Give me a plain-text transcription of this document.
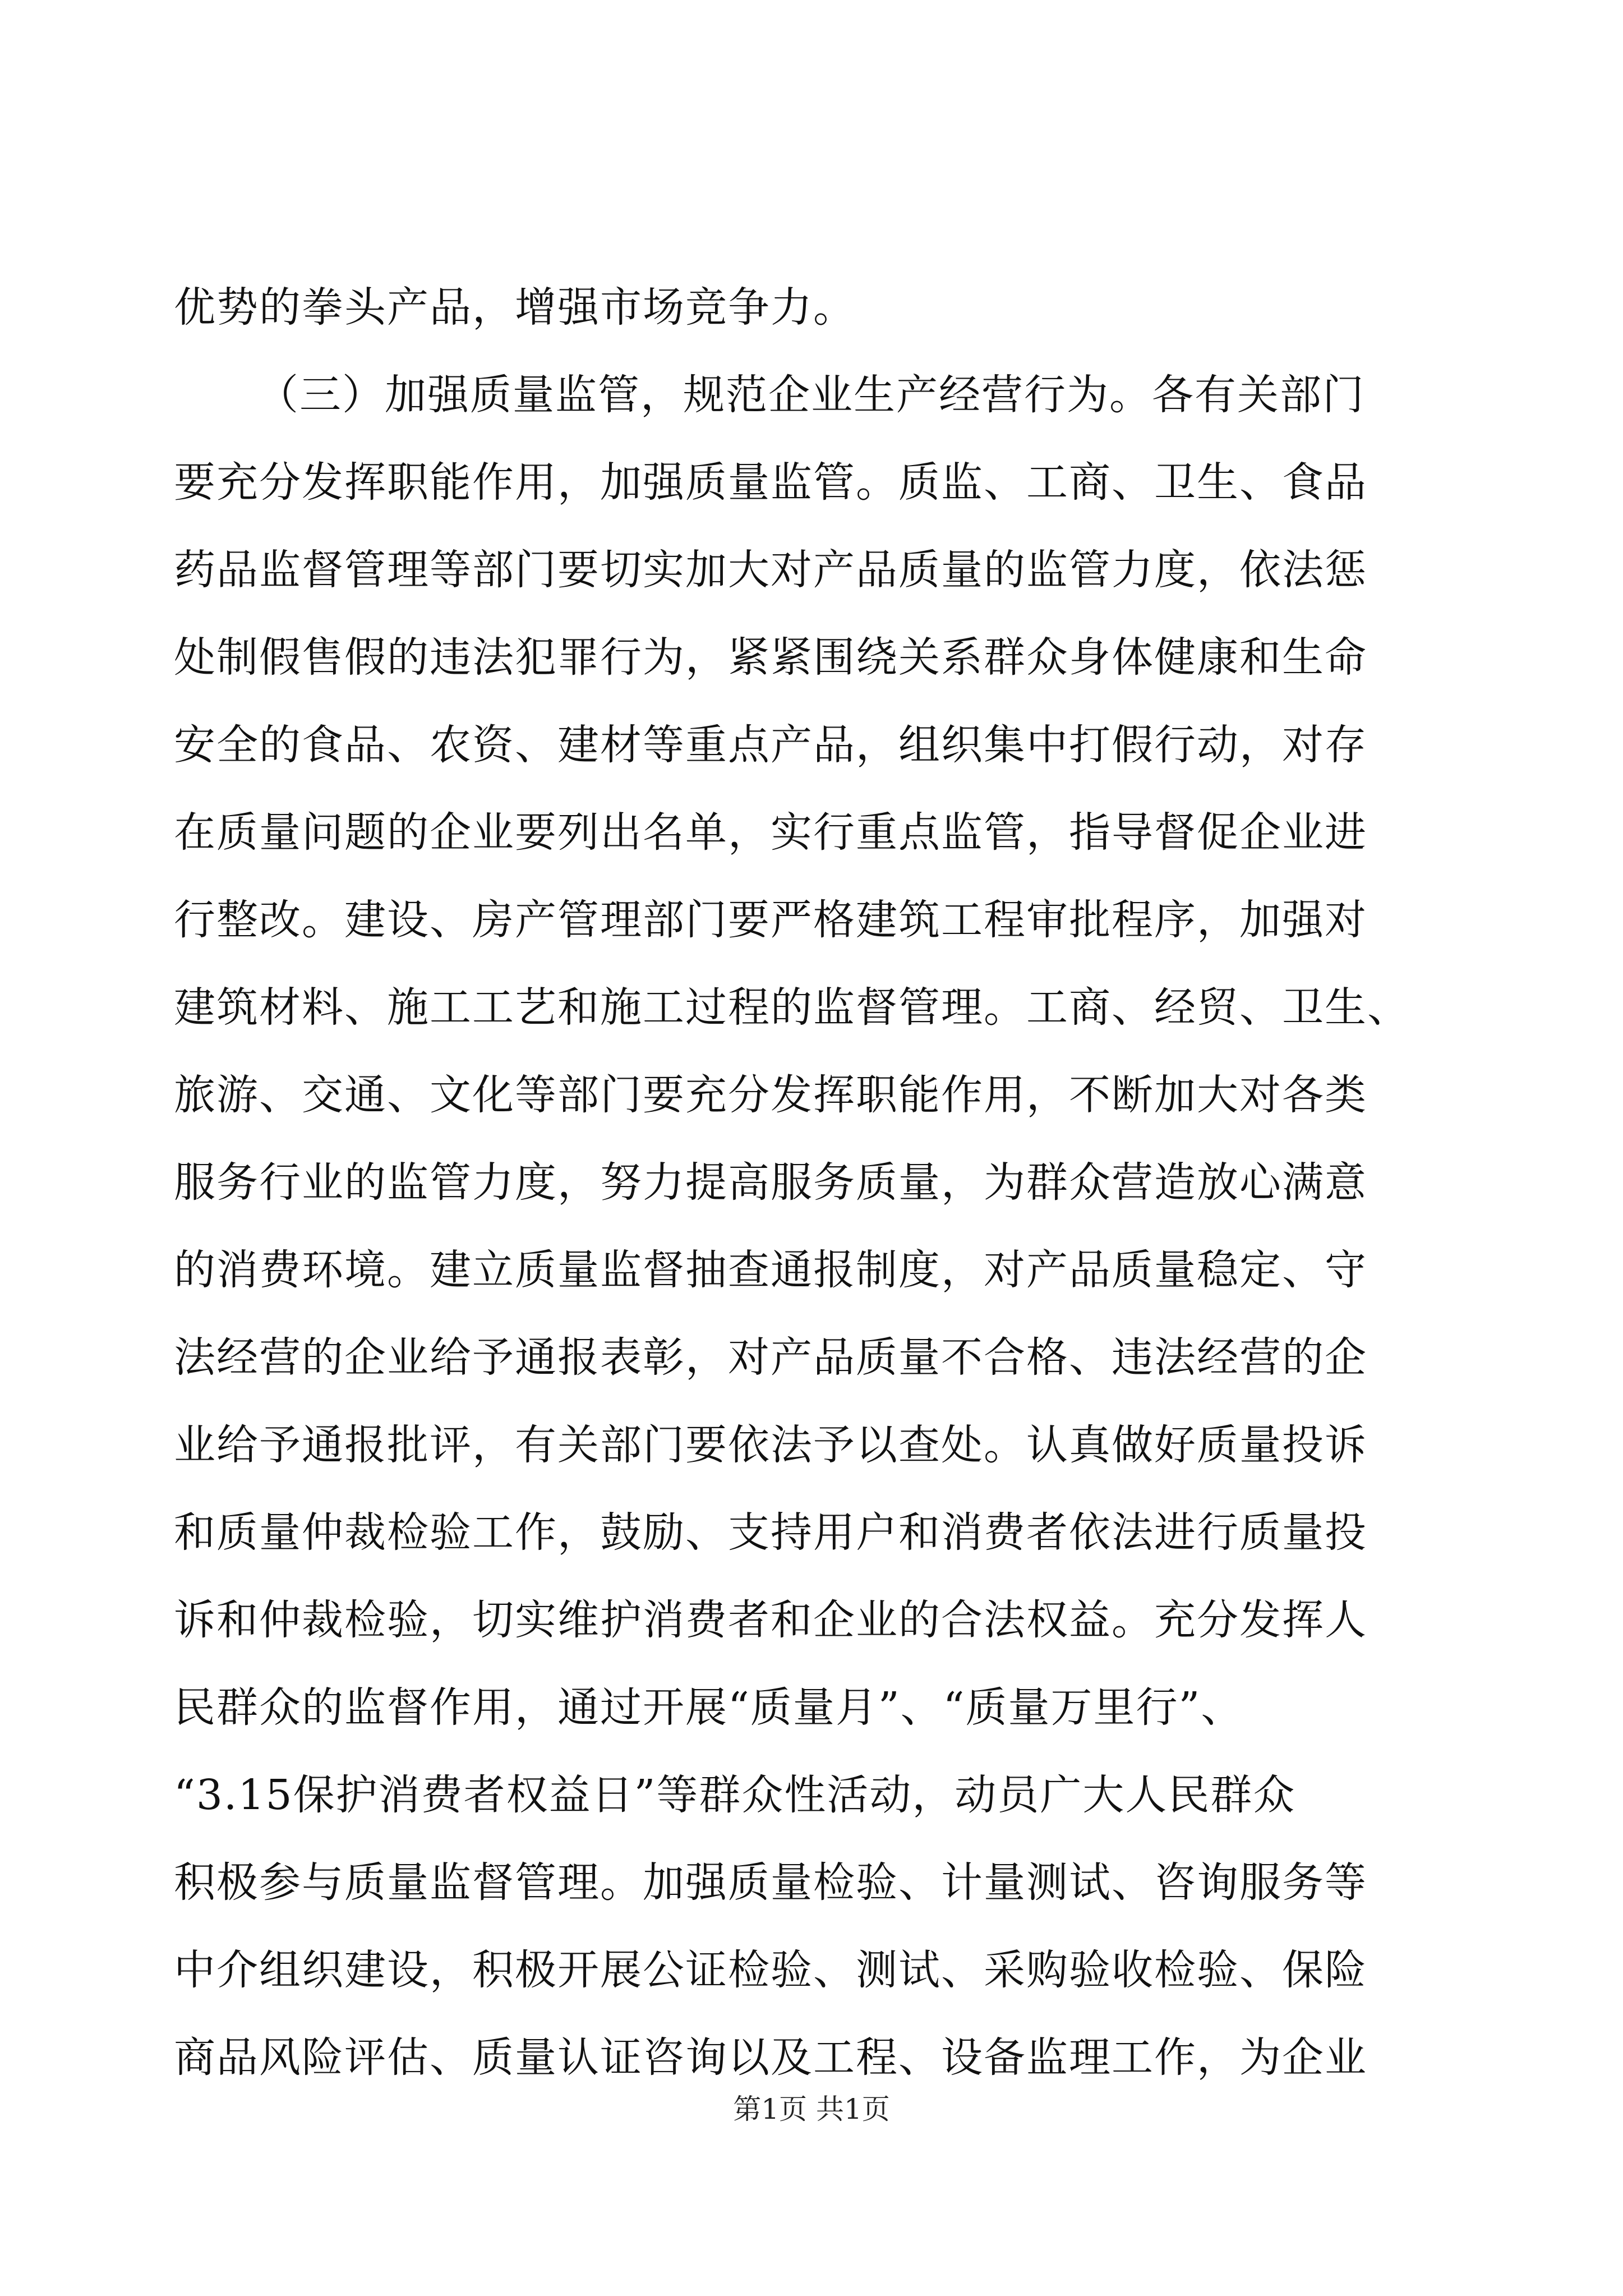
优势的拳头产品，增强市场竞争力。
（三）加强质量监管，规范企业生产经营行为。各有关部门
要充分发挥职能作用，加强质量监管。质监、工商、卫生、食品
药品监督管理等部门要切实加大对产品质量的监管力度，依法惩
处制假售假的违法犯罪行为，紧紧围绕关系群众身体健康和生命
安全的食品、农资、建材等重点产品，组织集中打假行动，对存
在质量问题的企业要列出名单，实行重点监管，指导督促企业进
行整改。建设、房产管理部门要严格建筑工程审批程序，加强对
建筑材料、施工工艺和施工过程的监督管理。工商、经贸、卫生、
旅游、交通、文化等部门要充分发挥职能作用，不断加大对各类
服务行业的监管力度，努力提高服务质量，为群众营造放心满意
的消费环境。建立质量监督抽查通报制度，对产品质量稳定、守
法经营的企业给予通报表彰，对产品质量不合格、违法经营的企
业给予通报批评，有关部门要依法予以查处。认真做好质量投诉
和质量仲裁检验工作，鼓励、支持用户和消费者依法进行质量投
诉和仲裁检验，切实维护消费者和企业的合法权益。充分发挥人
民群众的监督作用，通过开展“质量月”、“质量万里行”、
“3.15保护消费者权益日”等群众性活动，动员广大人民群众
积极参与质量监督管理。加强质量检验、计量测试、咨询服务等
中介组织建设，积极开展公证检验、测试、采购验收检验、保险
商品风险评估、质量认证咨询以及工程、设备监理工作，为企业
第1页 共1页
